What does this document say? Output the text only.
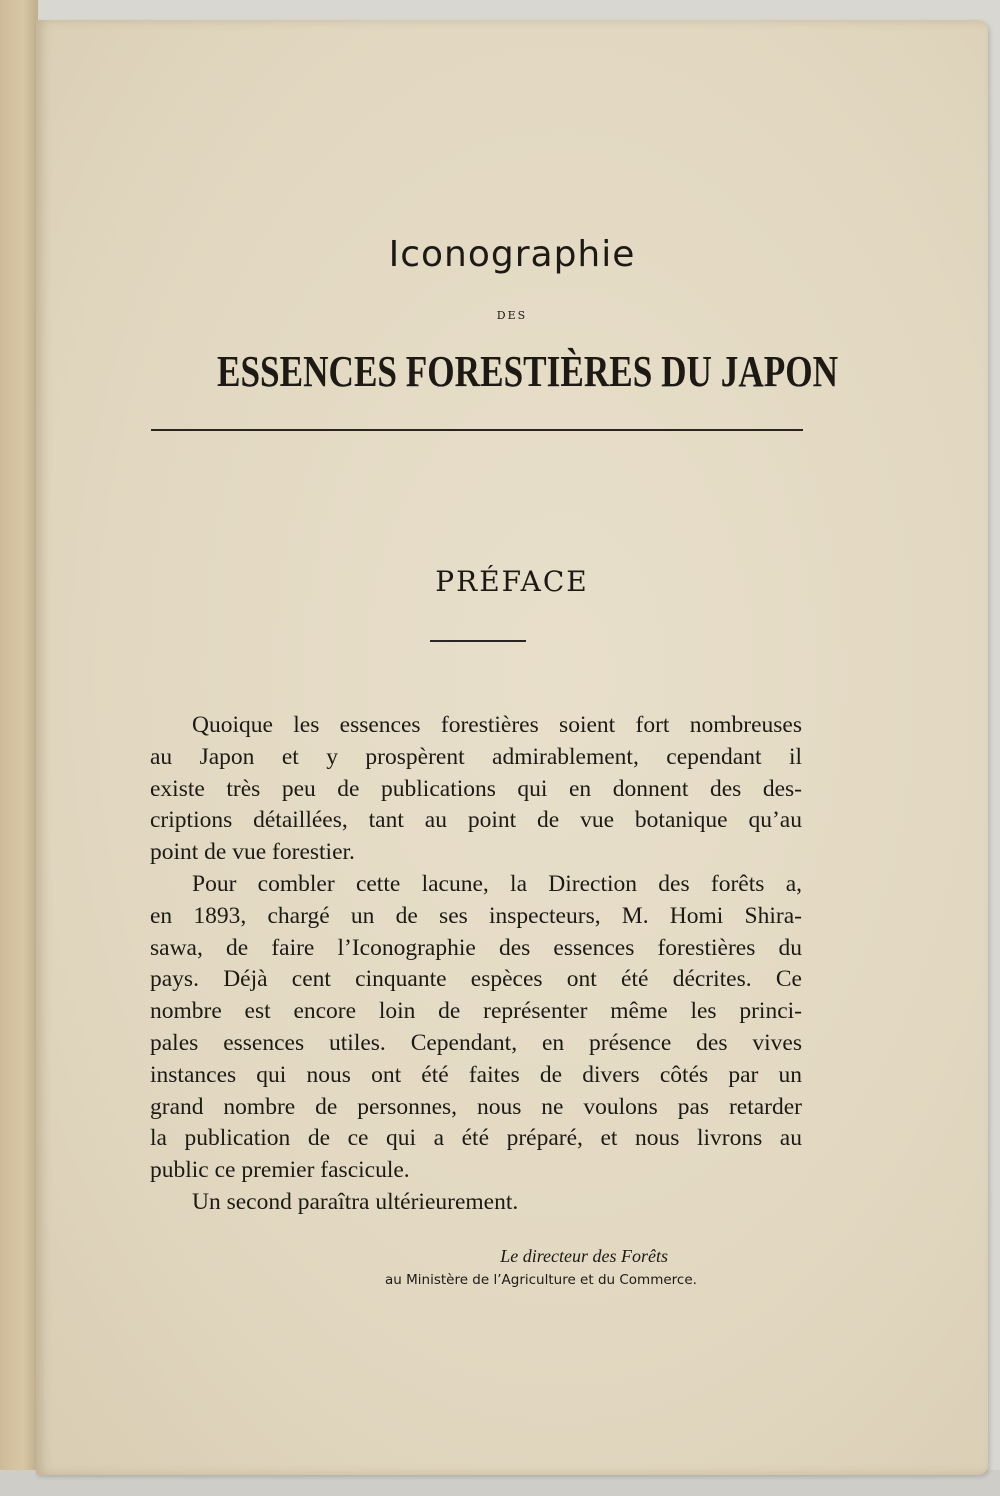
Iconographie
DES
ESSENCES FORESTIÈRES DU JAPON
PRÉFACE
Quoique les essences forestières soient fort nombreuses
au Japon et y prospèrent admirablement, cependant il
existe très peu de publications qui en donnent des des-
criptions détaillées, tant au point de vue botanique qu’au
point de vue forestier.
Pour combler cette lacune, la Direction des forêts a,
en 1893, chargé un de ses inspecteurs, M. Homi Shira-
sawa, de faire l’Iconographie des essences forestières du
pays. Déjà cent cinquante espèces ont été décrites. Ce
nombre est encore loin de représenter même les princi-
pales essences utiles. Cependant, en présence des vives
instances qui nous ont été faites de divers côtés par un
grand nombre de personnes, nous ne voulons pas retarder
la publication de ce qui a été préparé, et nous livrons au
public ce premier fascicule.
Un second paraîtra ultérieurement.
Le directeur des Forêts
au Ministère de l’Agriculture et du Commerce.
